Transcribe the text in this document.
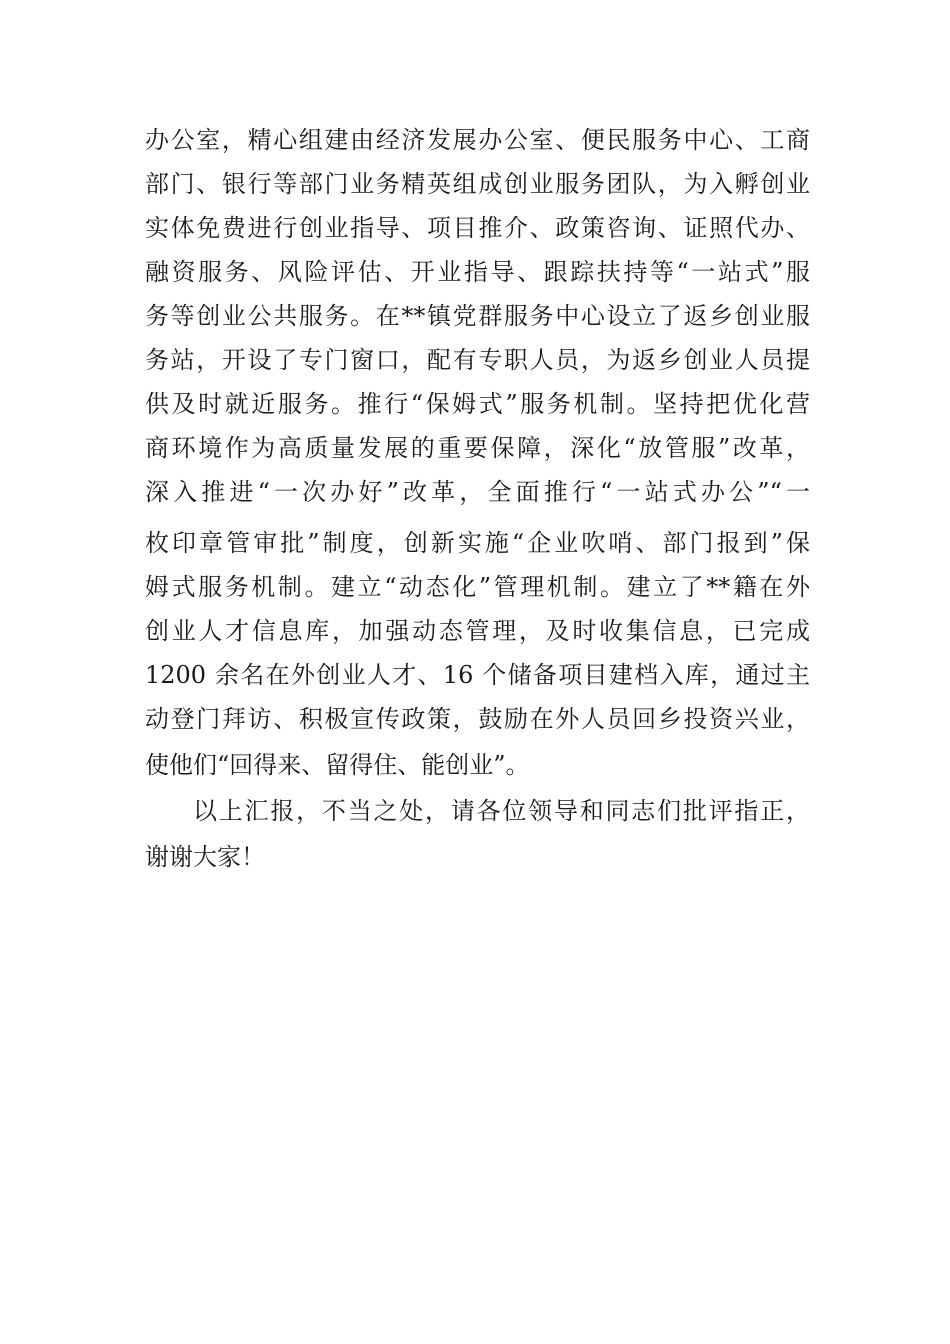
办公室，精心组建由经济发展办公室、便民服务中心、工商
部门、银行等部门业务精英组成创业服务团队，为入孵创业
实体免费进行创业指导、项目推介、政策咨询、证照代办、
融资服务、风险评估、开业指导、跟踪扶持等“一站式”服
务等创业公共服务。在**镇党群服务中心设立了返乡创业服
务站，开设了专门窗口，配有专职人员，为返乡创业人员提
供及时就近服务。推行“保姆式”服务机制。坚持把优化营
商环境作为高质量发展的重要保障，深化“放管服”改革，
深入推进“一次办好”改革，全面推行“一站式办公”“一
枚印章管审批”制度，创新实施“企业吹哨、部门报到”保
姆式服务机制。建立“动态化”管理机制。建立了**籍在外
创业人才信息库，加强动态管理，及时收集信息，已完成
1200 余名在外创业人才、16 个储备项目建档入库，通过主
动登门拜访、积极宣传政策，鼓励在外人员回乡投资兴业，
使他们“回得来、留得住、能创业”。
以上汇报，不当之处，请各位领导和同志们批评指正，
谢谢大家！
